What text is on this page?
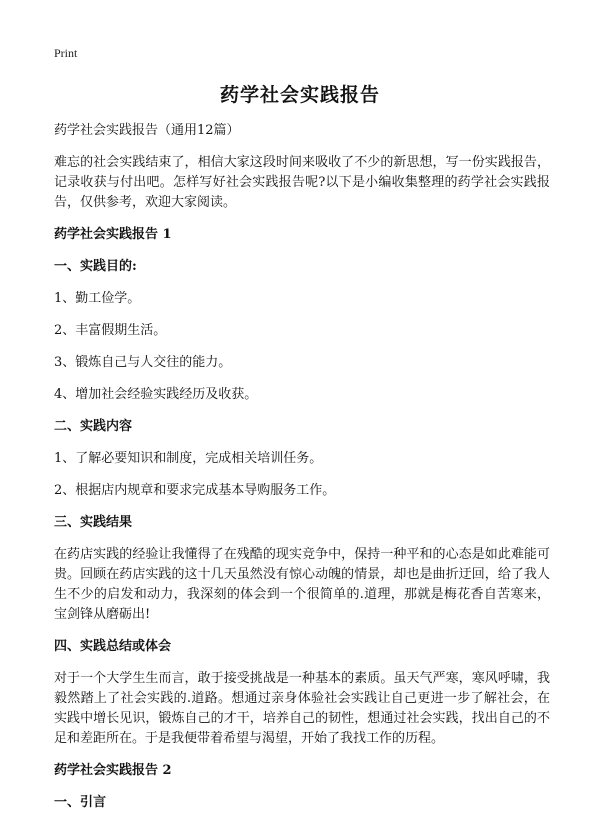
Print
药学社会实践报告

药学社会实践报告（通用12篇）

难忘的社会实践结束了，相信大家这段时间来吸收了不少的新思想，写一份实践报告，记录收获与付出吧。怎样写好社会实践报告呢?以下是小编收集整理的药学社会实践报告，仅供参考，欢迎大家阅读。

药学社会实践报告 1

一、实践目的:

1、勤工俭学。

2、丰富假期生活。

3、锻炼自己与人交往的能力。

4、增加社会经验实践经历及收获。

二、实践内容

1、了解必要知识和制度，完成相关培训任务。

2、根据店内规章和要求完成基本导购服务工作。

三、实践结果

在药店实践的经验让我懂得了在残酷的现实竞争中，保持一种平和的心态是如此难能可贵。回顾在药店实践的这十几天虽然没有惊心动魄的情景，却也是曲折迂回，给了我人生不少的启发和动力，我深刻的体会到一个很简单的.道理，那就是梅花香自苦寒来，宝剑锋从磨砺出!

四、实践总结或体会

对于一个大学生生而言，敢于接受挑战是一种基本的素质。虽天气严寒，寒风呼啸，我毅然踏上了社会实践的.道路。想通过亲身体验社会实践让自己更进一步了解社会，在实践中增长见识，锻炼自己的才干，培养自己的韧性，想通过社会实践，找出自己的不足和差距所在。于是我便带着希望与渴望，开始了我找工作的历程。

药学社会实践报告 2

一、引言
